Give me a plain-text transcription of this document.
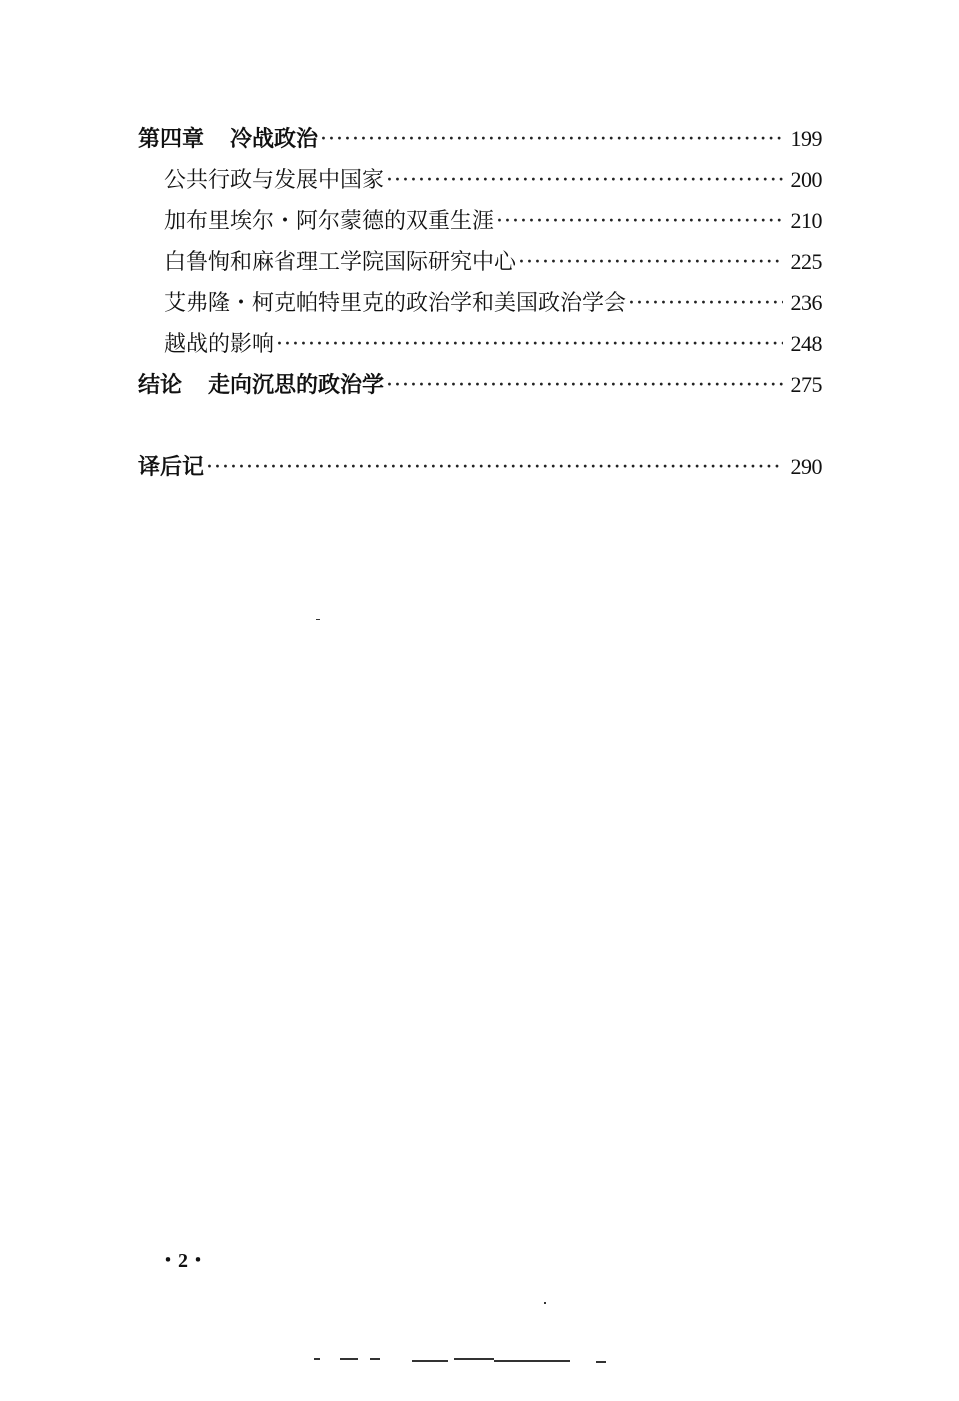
第四章 冷战政治 ·····	199
公共行政与发展中国家 ·····	200
加布里埃尔・阿尔蒙德的双重生涯 ·····	210
白鲁恂和麻省理工学院国际研究中心 ·····	225
艾弗隆・柯克帕特里克的政治学和美国政治学会 ·····	236
越战的影响 ·····	248
结论 走向沉思的政治学 ·····	275
译后记 ·····	290
・2・
